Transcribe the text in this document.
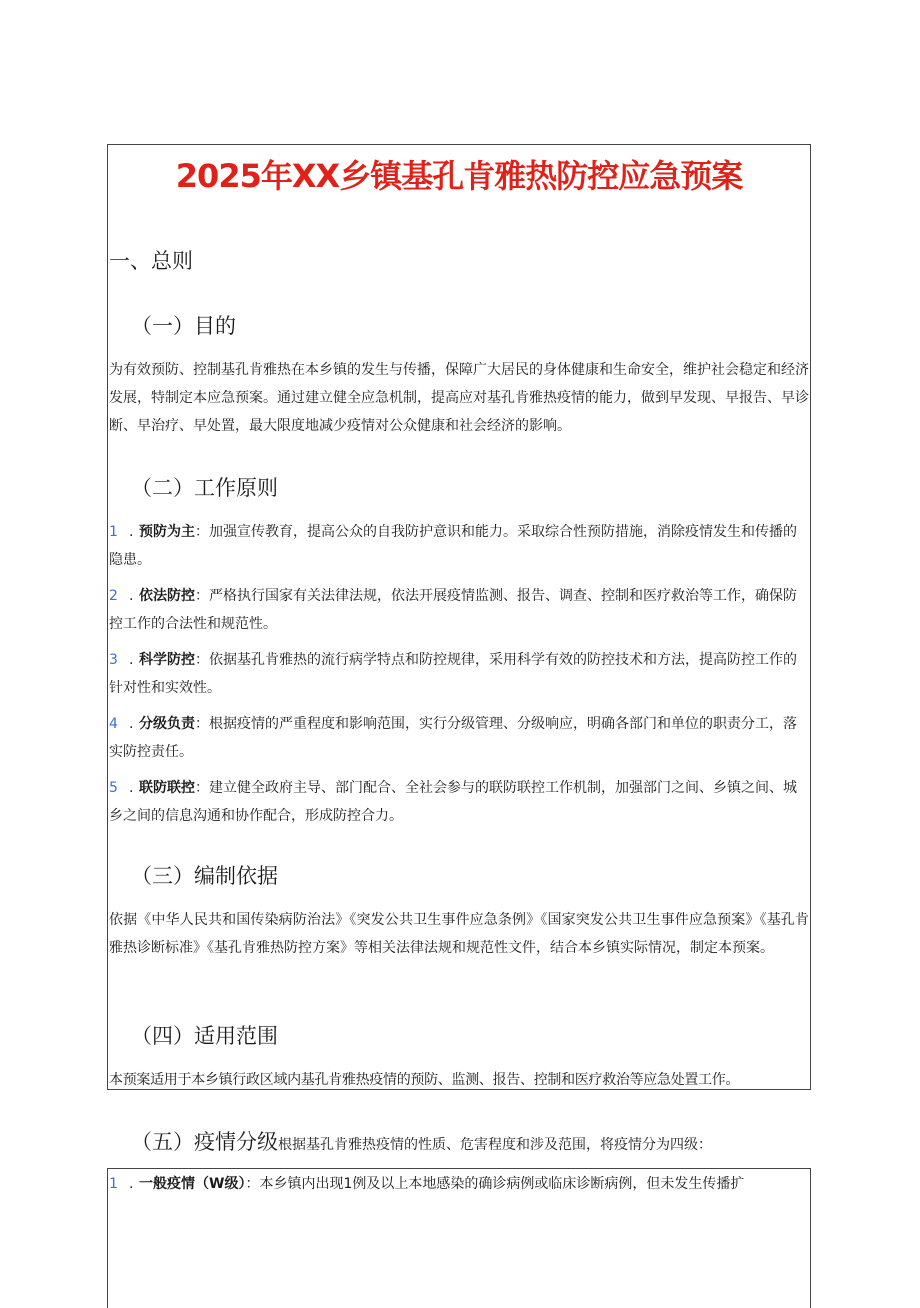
2025年XX乡镇基孔肯雅热防控应急预案
一、总则
（一）目的
为有效预防、控制基孔肯雅热在本乡镇的发生与传播，保障广大居民的身体健康和生命安全，维护社会稳定和经济发展，特制定本应急预案。通过建立健全应急机制，提高应对基孔肯雅热疫情的能力，做到早发现、早报告、早诊断、早治疗、早处置，最大限度地减少疫情对公众健康和社会经济的影响。
（二）工作原则
1 . 预防为主：加强宣传教育，提高公众的自我防护意识和能力。采取综合性预防措施，消除疫情发生和传播的隐患。
2 . 依法防控：严格执行国家有关法律法规，依法开展疫情监测、报告、调查、控制和医疗救治等工作，确保防控工作的合法性和规范性。
3 . 科学防控：依据基孔肯雅热的流行病学特点和防控规律，采用科学有效的防控技术和方法，提高防控工作的针对性和实效性。
4 . 分级负责：根据疫情的严重程度和影响范围，实行分级管理、分级响应，明确各部门和单位的职责分工，落实防控责任。
5 . 联防联控：建立健全政府主导、部门配合、全社会参与的联防联控工作机制，加强部门之间、乡镇之间、城乡之间的信息沟通和协作配合，形成防控合力。
（三）编制依据
依据《中华人民共和国传染病防治法》《突发公共卫生事件应急条例》《国家突发公共卫生事件应急预案》《基孔肯雅热诊断标准》《基孔肯雅热防控方案》等相关法律法规和规范性文件，结合本乡镇实际情况，制定本预案。
（四）适用范围
本预案适用于本乡镇行政区域内基孔肯雅热疫情的预防、监测、报告、控制和医疗救治等应急处置工作。
（五）疫情分级根据基孔肯雅热疫情的性质、危害程度和涉及范围，将疫情分为四级：
1 . 一般疫情（W级）：本乡镇内出现1例及以上本地感染的确诊病例或临床诊断病例，但未发生传播扩
